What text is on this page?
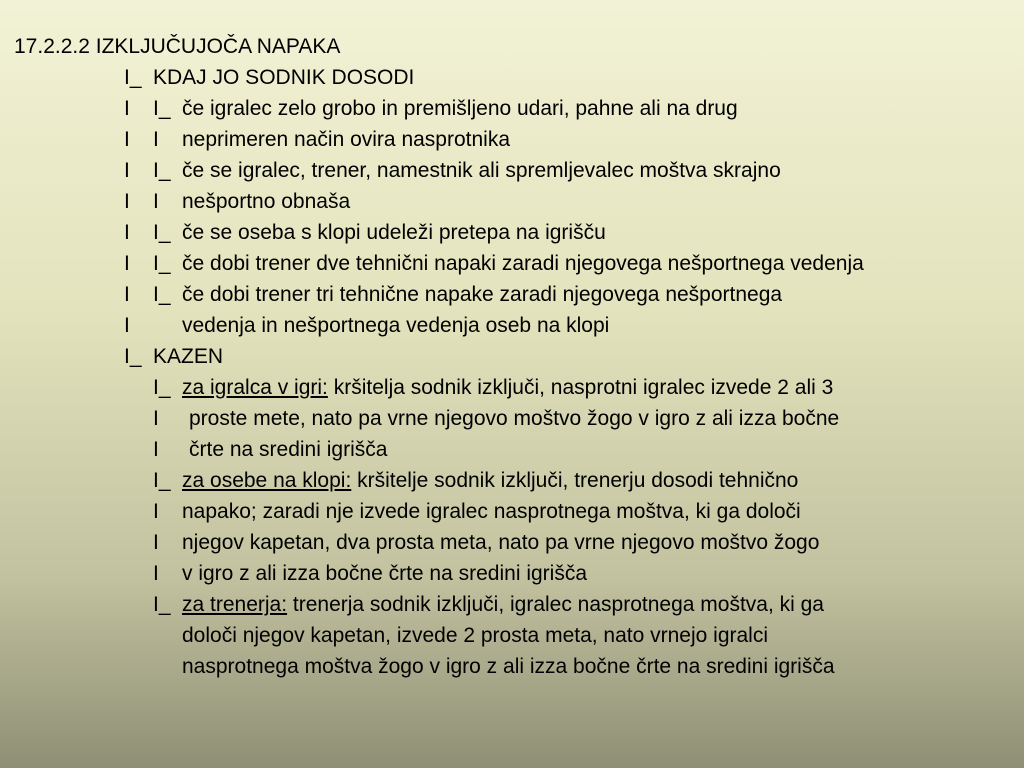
17.2.2.2 IZKLJUČUJOČA NAPAKA
I_ KDAJ JO SODNIK DOSODI
I I_ če igralec zelo grobo in premišljeno udari, pahne ali na drug
I I neprimeren način ovira nasprotnika
I I_ če se igralec, trener, namestnik ali spremljevalec moštva skrajno
I I nešportno obnaša
I I_ če se oseba s klopi udeleži pretepa na igrišču
I I_ če dobi trener dve tehnični napaki zaradi njegovega nešportnega vedenja
I I_ če dobi trener tri tehnične napake zaradi njegovega nešportnega
I vedenja in nešportnega vedenja oseb na klopi
I_ KAZEN
I_ za igralca v igri: kršitelja sodnik izključi, nasprotni igralec izvede 2 ali 3
I proste mete, nato pa vrne njegovo moštvo žogo v igro z ali izza bočne
I črte na sredini igrišča
I_ za osebe na klopi: kršitelje sodnik izključi, trenerju dosodi tehnično
I napako; zaradi nje izvede igralec nasprotnega moštva, ki ga določi
I njegov kapetan, dva prosta meta, nato pa vrne njegovo moštvo žogo
I v igro z ali izza bočne črte na sredini igrišča
I_ za trenerja: trenerja sodnik izključi, igralec nasprotnega moštva, ki ga
določi njegov kapetan, izvede 2 prosta meta, nato vrnejo igralci
nasprotnega moštva žogo v igro z ali izza bočne črte na sredini igrišča
